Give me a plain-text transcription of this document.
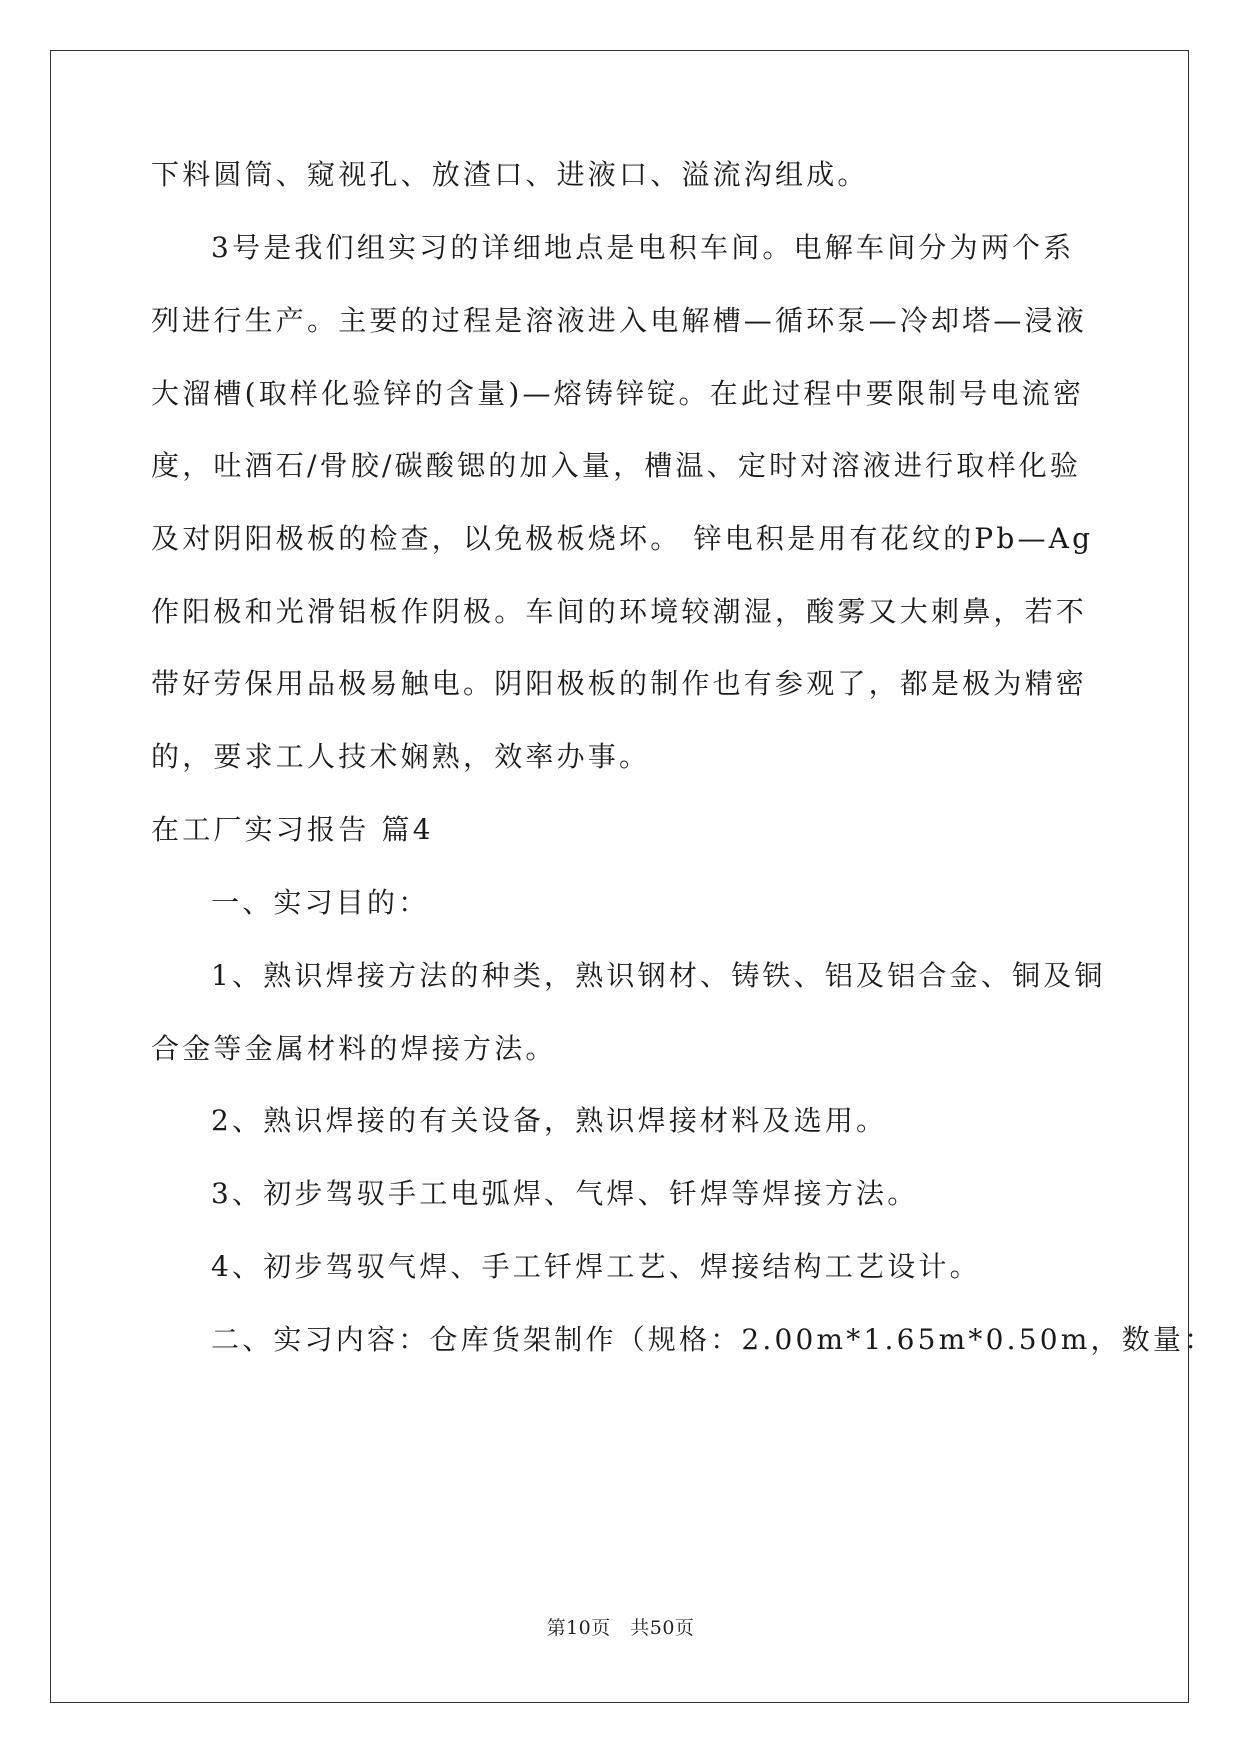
下料圆筒、窥视孔、放渣口、进液口、溢流沟组成。
3号是我们组实习的详细地点是电积车间。电解车间分为两个系
列进行生产。主要的过程是溶液进入电解槽—循环泵—冷却塔—浸液
大溜槽(取样化验锌的含量)—熔铸锌锭。在此过程中要限制号电流密
度，吐酒石/骨胶/碳酸锶的加入量，槽温、定时对溶液进行取样化验
及对阴阳极板的检查，以免极板烧坏。 锌电积是用有花纹的Pb—Ag
作阳极和光滑铝板作阴极。车间的环境较潮湿，酸雾又大刺鼻，若不
带好劳保用品极易触电。阴阳极板的制作也有参观了，都是极为精密
的，要求工人技术娴熟，效率办事。
在工厂实习报告 篇4
一、实习目的：
1、熟识焊接方法的种类，熟识钢材、铸铁、铝及铝合金、铜及铜
合金等金属材料的焊接方法。
2、熟识焊接的有关设备，熟识焊接材料及选用。
3、初步驾驭手工电弧焊、气焊、钎焊等焊接方法。
4、初步驾驭气焊、手工钎焊工艺、焊接结构工艺设计。
二、实习内容：仓库货架制作（规格：2.00m*1.65m*0.50m，数量：
第10页　共50页
